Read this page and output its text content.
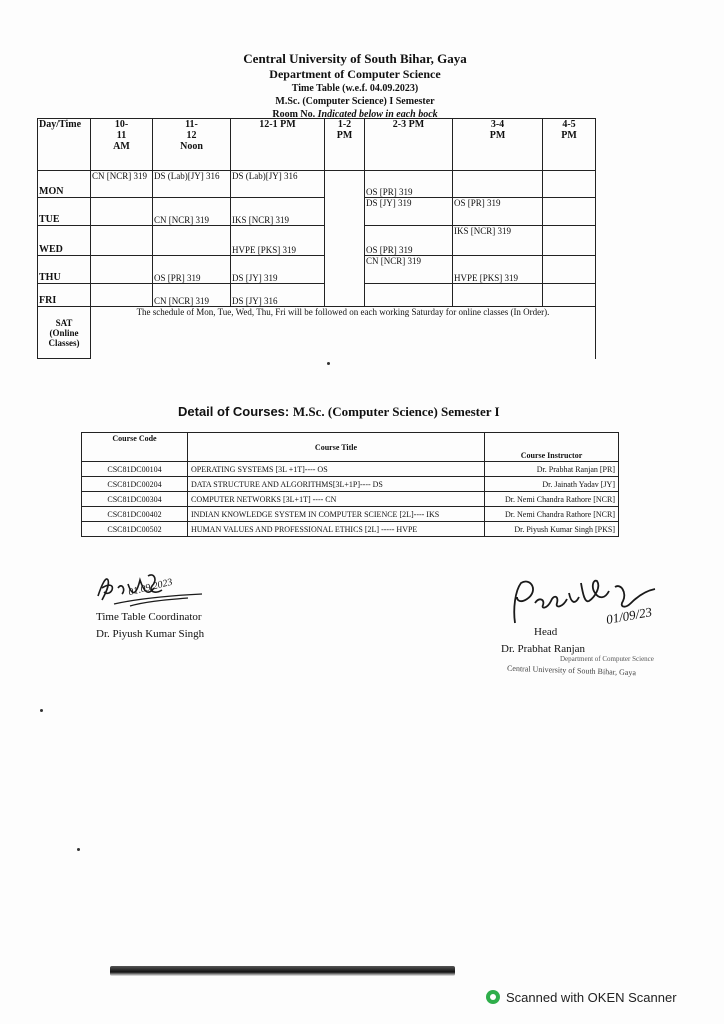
Central University of South Bihar, Gaya
Department of Computer Science
Time Table (w.e.f. 04.09.2023)
M.Sc. (Computer Science) I Semester
Room No. Indicated below in each bock
Day/Time	10-
11
AM	11-
12
Noon	12-1 PM	1-2
PM	2-3 PM	3-4
PM	4-5
PM
MON	CN [NCR] 319	DS (Lab)[JY] 316	DS (Lab)[JY] 316		OS [PR] 319		
TUE		CN [NCR] 319	IKS [NCR] 319		DS [JY] 319	OS [PR] 319	
WED			HVPE [PKS] 319		OS [PR] 319	IKS [NCR] 319	
THU		OS [PR] 319	DS [JY] 319		CN [NCR] 319	HVPE [PKS] 319	
FRI		CN [NCR] 319	DS [JY] 316				
SAT
(Online
Classes)	The schedule of Mon, Tue, Wed, Thu, Fri will be followed on each working Saturday for online classes (In Order).						
Detail of Courses: M.Sc. (Computer Science) Semester I
Course Code	Course Title	Course Instructor
CSC81DC00104	OPERATING SYSTEMS [3L +1T]---- OS	Dr. Prabhat Ranjan [PR]
CSC81DC00204	DATA STRUCTURE AND ALGORITHMS[3L+1P]---- DS	Dr. Jainath Yadav [JY]
CSC81DC00304	COMPUTER NETWORKS [3L+1T] ---- CN	Dr. Nemi Chandra Rathore [NCR]
CSC81DC00402	INDIAN KNOWLEDGE SYSTEM IN COMPUTER SCIENCE [2L]---- IKS	Dr. Nemi Chandra Rathore [NCR]
CSC81DC00502	HUMAN VALUES AND PROFESSIONAL ETHICS [2L] ----- HVPE	Dr. Piyush Kumar Singh [PKS]
01.09.2023
Time Table Coordinator
Dr. Piyush Kumar Singh
01/09/23
Head
Dr. Prabhat Ranjan
Department of Computer Science
Central University of South Bihar, Gaya
Scanned with OKEN Scanner
